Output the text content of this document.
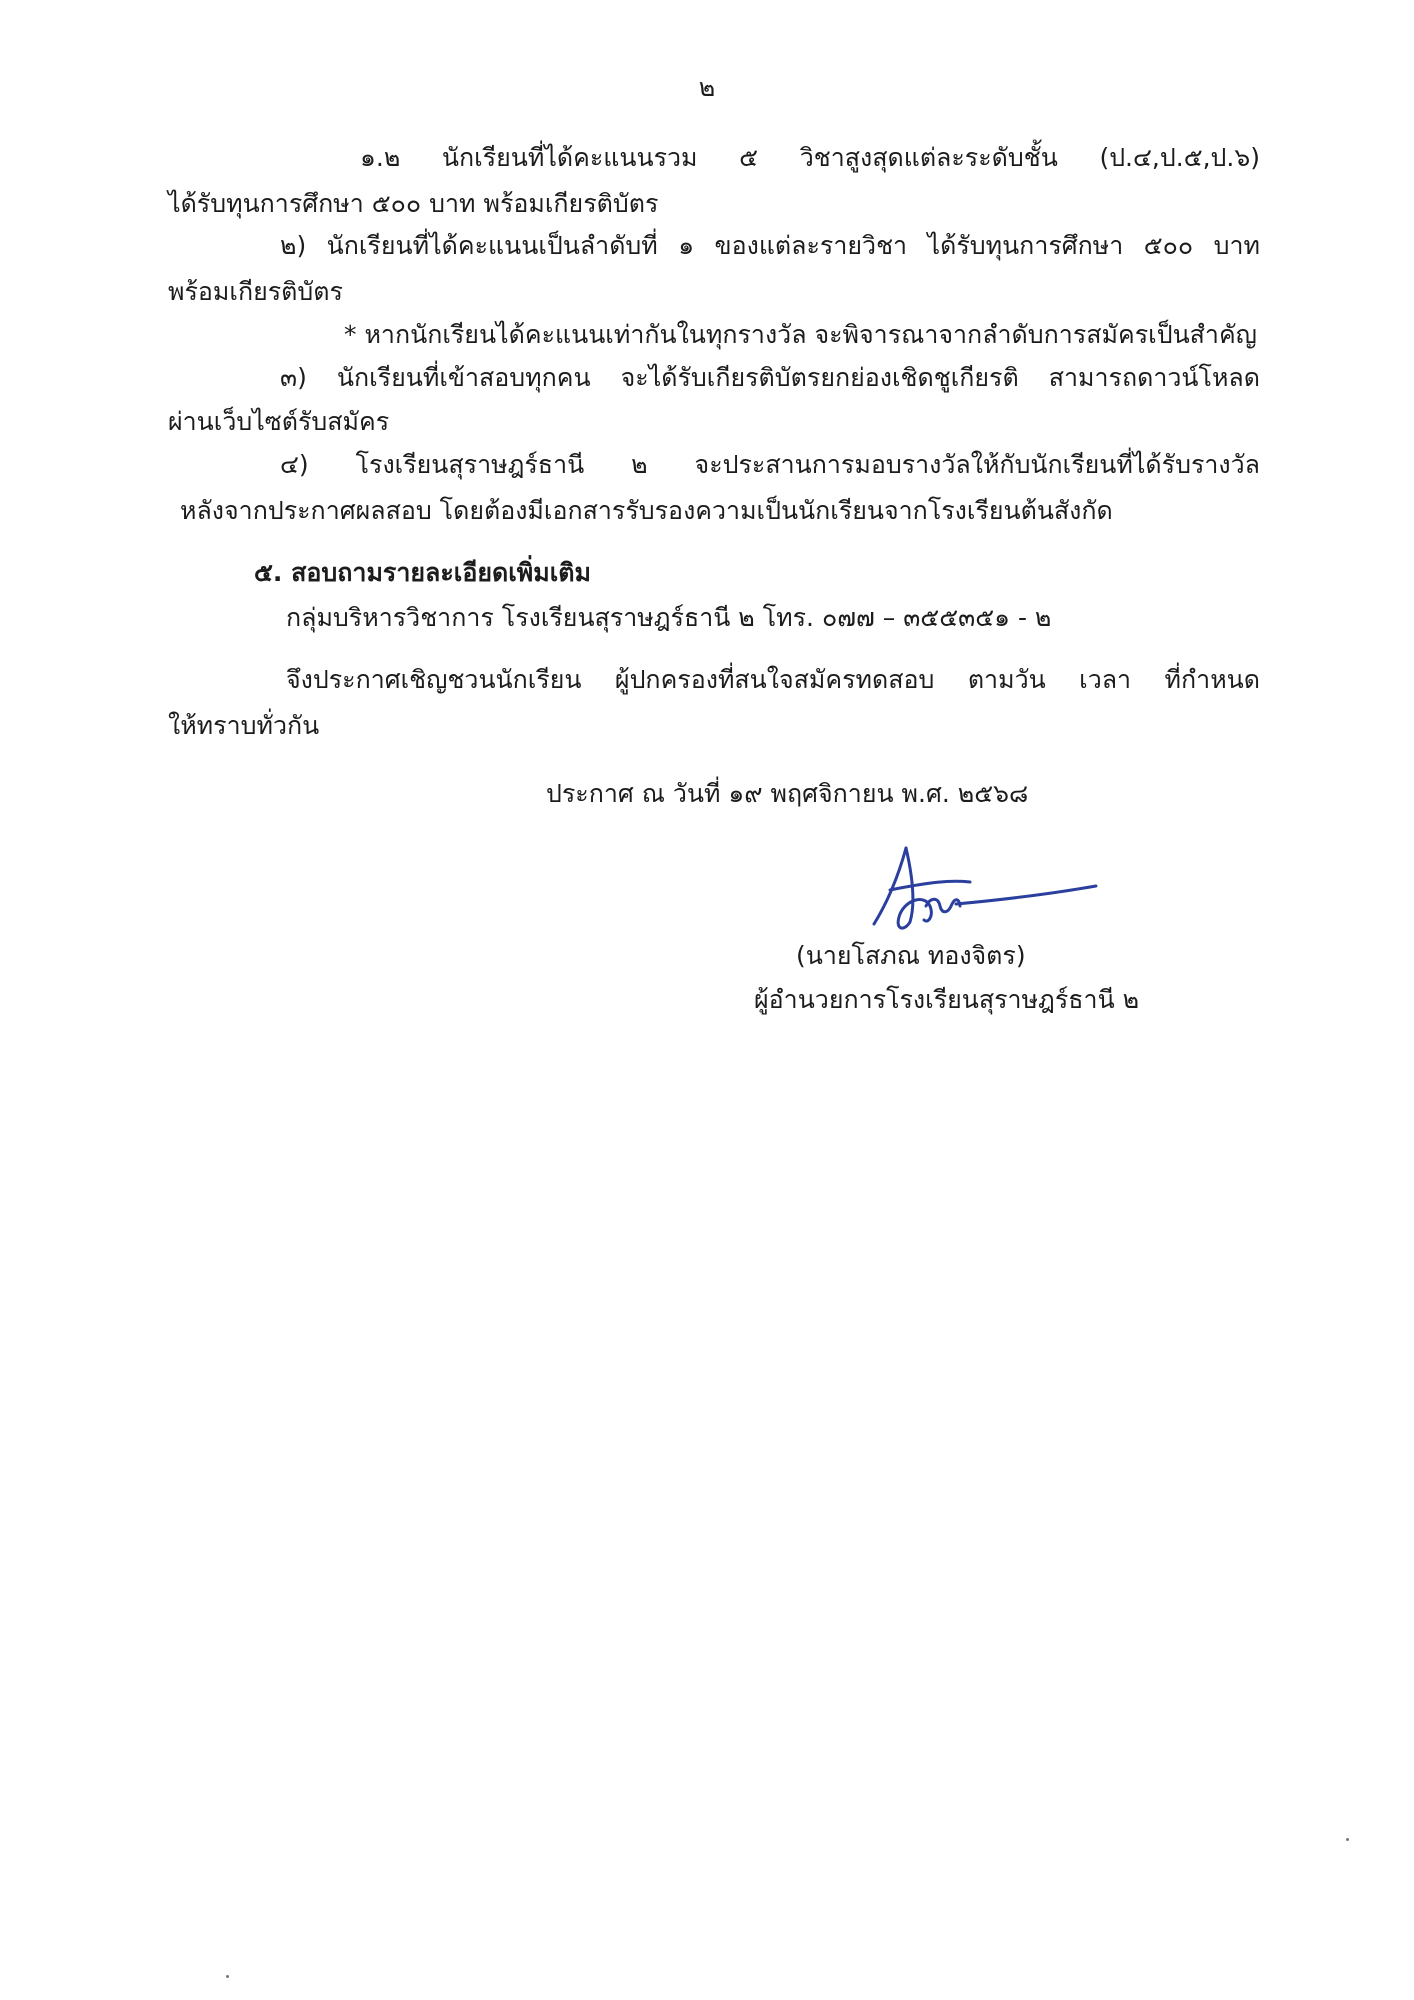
๒
๑.๒ นักเรียนที่ได้คะแนนรวม ๕ วิชาสูงสุดแต่ละระดับชั้น (ป.๔,ป.๕,ป.๖)
ได้รับทุนการศึกษา ๕๐๐ บาท พร้อมเกียรติบัตร
๒) นักเรียนที่ได้คะแนนเป็นลำดับที่ ๑ ของแต่ละรายวิชา ได้รับทุนการศึกษา ๕๐๐ บาท
พร้อมเกียรติบัตร
* หากนักเรียนได้คะแนนเท่ากันในทุกรางวัล จะพิจารณาจากลำดับการสมัครเป็นสำคัญ
๓) นักเรียนที่เข้าสอบทุกคน จะได้รับเกียรติบัตรยกย่องเชิดชูเกียรติ สามารถดาวน์โหลด
ผ่านเว็บไซต์รับสมัคร
๔) โรงเรียนสุราษฎร์ธานี ๒ จะประสานการมอบรางวัลให้กับนักเรียนที่ได้รับรางวัล
หลังจากประกาศผลสอบ โดยต้องมีเอกสารรับรองความเป็นนักเรียนจากโรงเรียนต้นสังกัด
๕. สอบถามรายละเอียดเพิ่มเติม
กลุ่มบริหารวิชาการ โรงเรียนสุราษฎร์ธานี ๒ โทร. ๐๗๗ – ๓๕๕๓๕๑ - ๒
จึงประกาศเชิญชวนนักเรียน ผู้ปกครองที่สนใจสมัครทดสอบ ตามวัน เวลา ที่กำหนด
ให้ทราบทั่วกัน
ประกาศ ณ วันที่ ๑๙ พฤศจิกายน พ.ศ. ๒๕๖๘
(นายโสภณ ทองจิตร)
ผู้อำนวยการโรงเรียนสุราษฎร์ธานี ๒
